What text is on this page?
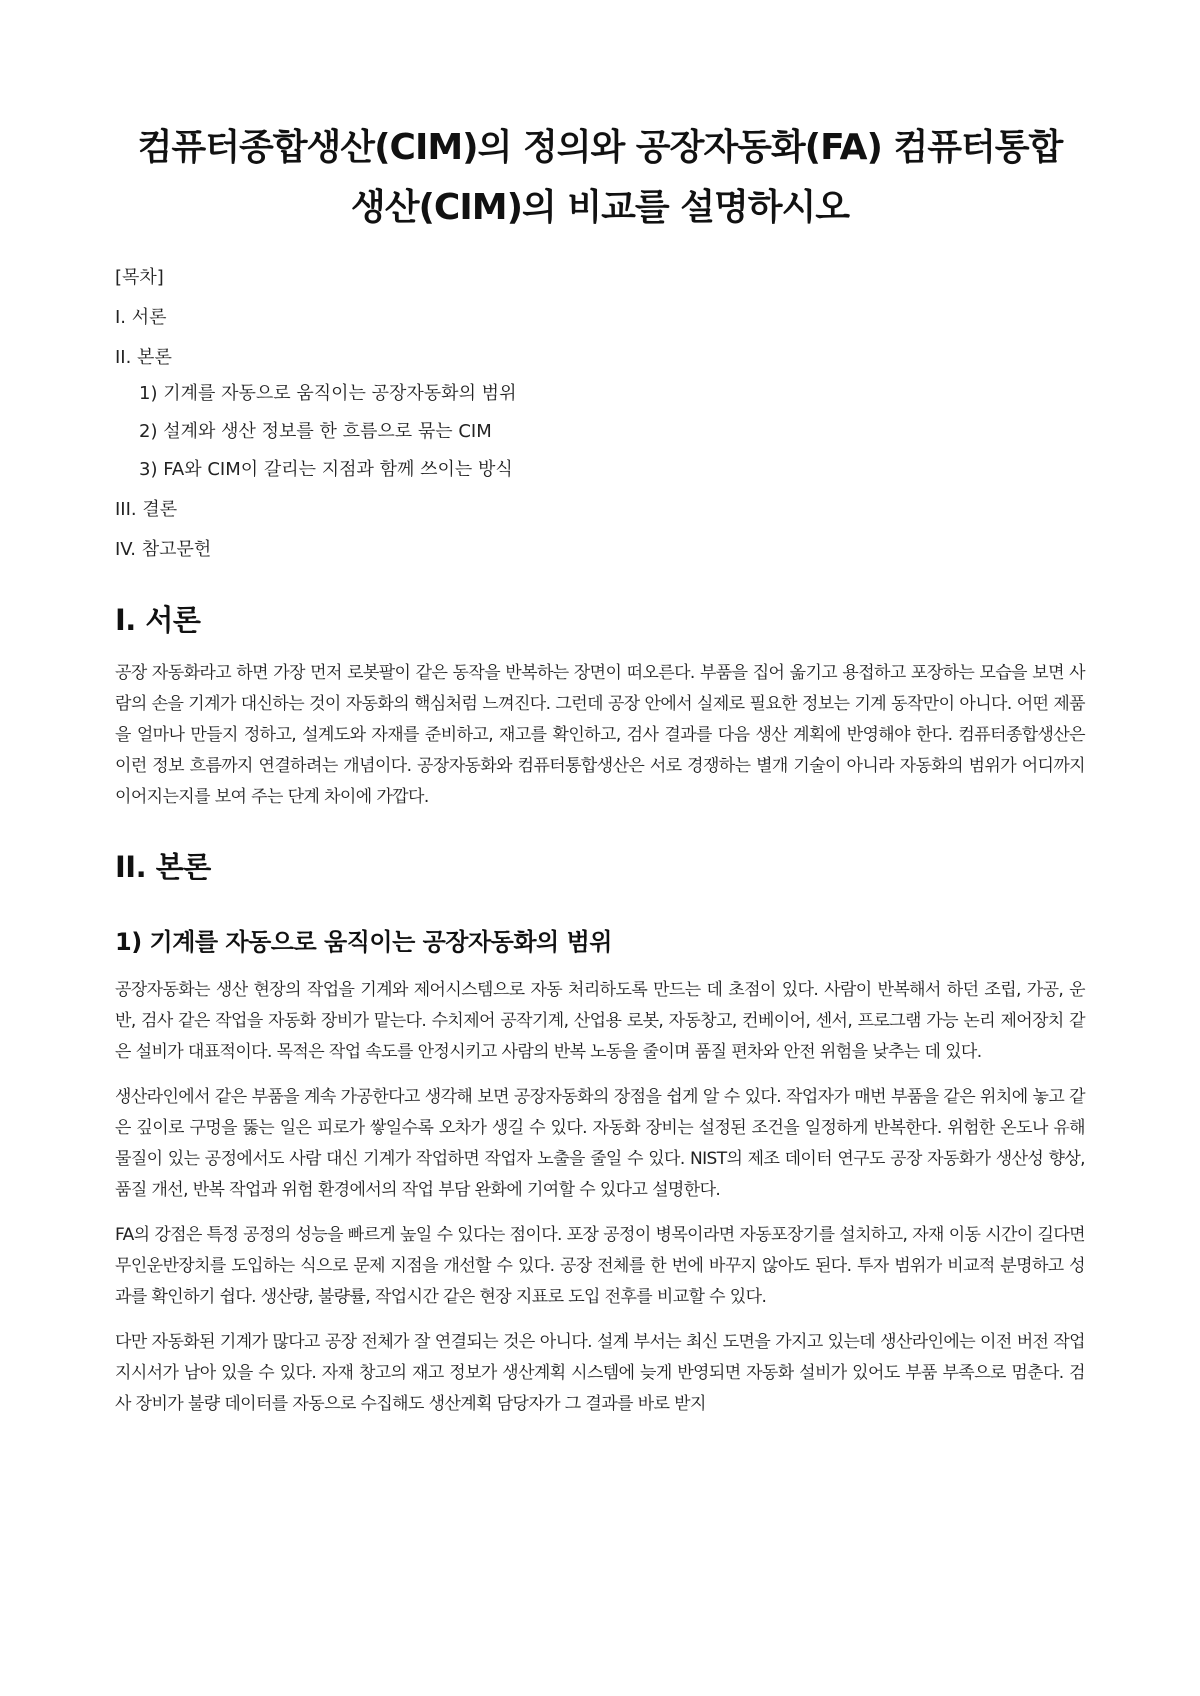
컴퓨터종합생산(CIM)의 정의와 공장자동화(FA) 컴퓨터통합
생산(CIM)의 비교를 설명하시오
[목차]
I. 서론
II. 본론
1) 기계를 자동으로 움직이는 공장자동화의 범위
2) 설계와 생산 정보를 한 흐름으로 묶는 CIM
3) FA와 CIM이 갈리는 지점과 함께 쓰이는 방식
III. 결론
IV. 참고문헌
I. 서론

공장 자동화라고 하면 가장 먼저 로봇팔이 같은 동작을 반복하는 장면이 떠오른다. 부품을 집어 옮기고 용접하고 포장하는 모습을 보면 사람의 손을 기계가 대신하는 것이 자동화의 핵심처럼 느껴진다. 그런데 공장 안에서 실제로 필요한 정보는 기계 동작만이 아니다. 어떤 제품을 얼마나 만들지 정하고, 설계도와 자재를 준비하고, 재고를 확인하고, 검사 결과를 다음 생산 계획에 반영해야 한다. 컴퓨터종합생산은 이런 정보 흐름까지 연결하려는 개념이다. 공장자동화와 컴퓨터통합생산은 서로 경쟁하는 별개 기술이 아니라 자동화의 범위가 어디까지 이어지는지를 보여 주는 단계 차이에 가깝다.

II. 본론
1) 기계를 자동으로 움직이는 공장자동화의 범위

공장자동화는 생산 현장의 작업을 기계와 제어시스템으로 자동 처리하도록 만드는 데 초점이 있다. 사람이 반복해서 하던 조립, 가공, 운반, 검사 같은 작업을 자동화 장비가 맡는다. 수치제어 공작기계, 산업용 로봇, 자동창고, 컨베이어, 센서, 프로그램 가능 논리 제어장치 같은 설비가 대표적이다. 목적은 작업 속도를 안정시키고 사람의 반복 노동을 줄이며 품질 편차와 안전 위험을 낮추는 데 있다.

생산라인에서 같은 부품을 계속 가공한다고 생각해 보면 공장자동화의 장점을 쉽게 알 수 있다. 작업자가 매번 부품을 같은 위치에 놓고 같은 깊이로 구멍을 뚫는 일은 피로가 쌓일수록 오차가 생길 수 있다. 자동화 장비는 설정된 조건을 일정하게 반복한다. 위험한 온도나 유해 물질이 있는 공정에서도 사람 대신 기계가 작업하면 작업자 노출을 줄일 수 있다. NIST의 제조 데이터 연구도 공장 자동화가 생산성 향상, 품질 개선, 반복 작업과 위험 환경에서의 작업 부담 완화에 기여할 수 있다고 설명한다.

FA의 강점은 특정 공정의 성능을 빠르게 높일 수 있다는 점이다. 포장 공정이 병목이라면 자동포장기를 설치하고, 자재 이동 시간이 길다면 무인운반장치를 도입하는 식으로 문제 지점을 개선할 수 있다. 공장 전체를 한 번에 바꾸지 않아도 된다. 투자 범위가 비교적 분명하고 성과를 확인하기 쉽다. 생산량, 불량률, 작업시간 같은 현장 지표로 도입 전후를 비교할 수 있다.

다만 자동화된 기계가 많다고 공장 전체가 잘 연결되는 것은 아니다. 설계 부서는 최신 도면을 가지고 있는데 생산라인에는 이전 버전 작업지시서가 남아 있을 수 있다. 자재 창고의 재고 정보가 생산계획 시스템에 늦게 반영되면 자동화 설비가 있어도 부품 부족으로 멈춘다. 검사 장비가 불량 데이터를 자동으로 수집해도 생산계획 담당자가 그 결과를 바로 받지
